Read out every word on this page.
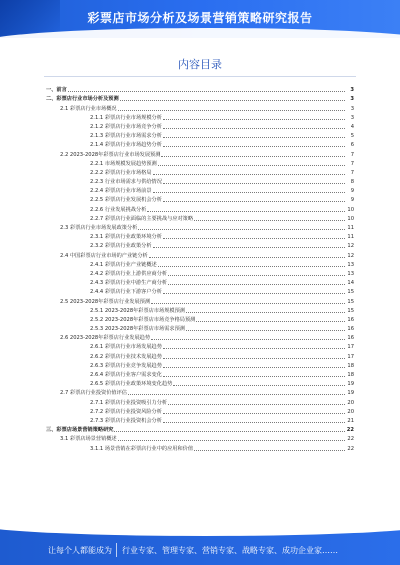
彩票店市场分析及场景营销策略研究报告
内容目录
一、前言	3
二、彩票店行业市场分析及预测	3
2.1 彩票店行业市场概况	3
2.1.1 彩票店行业市场规模分析	3
2.1.2 彩票店行业市场竞争分析	4
2.1.3 彩票店行业市场需求分析	5
2.1.4 彩票店行业市场趋势分析	6
2.2 2023-2028年彩票店行业市场发展预测	7
2.2.1 市场规模发展趋势预测	7
2.2.2 彩票店行业市场格局	7
2.2.3 行业市场需求与供给情况	8
2.2.4 彩票店行业市场前景	9
2.2.5 彩票店行业发展机会分析	9
2.2.6 行业发展挑战分析	10
2.2.7 彩票店行业面临的主要挑战与应对策略	10
2.3 彩票店行业市场发展政策分析	11
2.3.1 彩票店行业政策环境分析	11
2.3.2 彩票店行业政策分析	12
2.4 中国彩票店行业市场的产业链分析	12
2.4.1 彩票店行业产业链概述	13
2.4.2 彩票店行业上游供应商分析	13
2.4.3 彩票店行业中游生产商分析	14
2.4.4 彩票店行业下游客户分析	15
2.5 2023-2028年彩票店行业发展预测	15
2.5.1 2023-2028年彩票店市场规模预测	15
2.5.2 2023-2028年彩票店市场竞争格局预测	16
2.5.3 2023-2028年彩票店市场需求预测	16
2.6 2023-2028年彩票店行业发展趋势	16
2.6.1 彩票店行业市场发展趋势	17
2.6.2 彩票店行业技术发展趋势	17
2.6.3 彩票店行业竞争发展趋势	18
2.6.4 彩票店行业客户需求变化	18
2.6.5 彩票店行业政策环境变化趋势	19
2.7 彩票店行业投资价值评估	19
2.7.1 彩票店行业投资吸引力分析	20
2.7.2 彩票店行业投资风险分析	20
2.7.3 彩票店行业投资机会分析	21
三、彩票店场景营销策略研究	22
3.1 彩票店场景营销概述	22
3.1.1 场景营销在彩票店行业中的应用和价值	22
让每个人都能成为 行业专家、管理专家、营销专家、战略专家、成功企业家……
